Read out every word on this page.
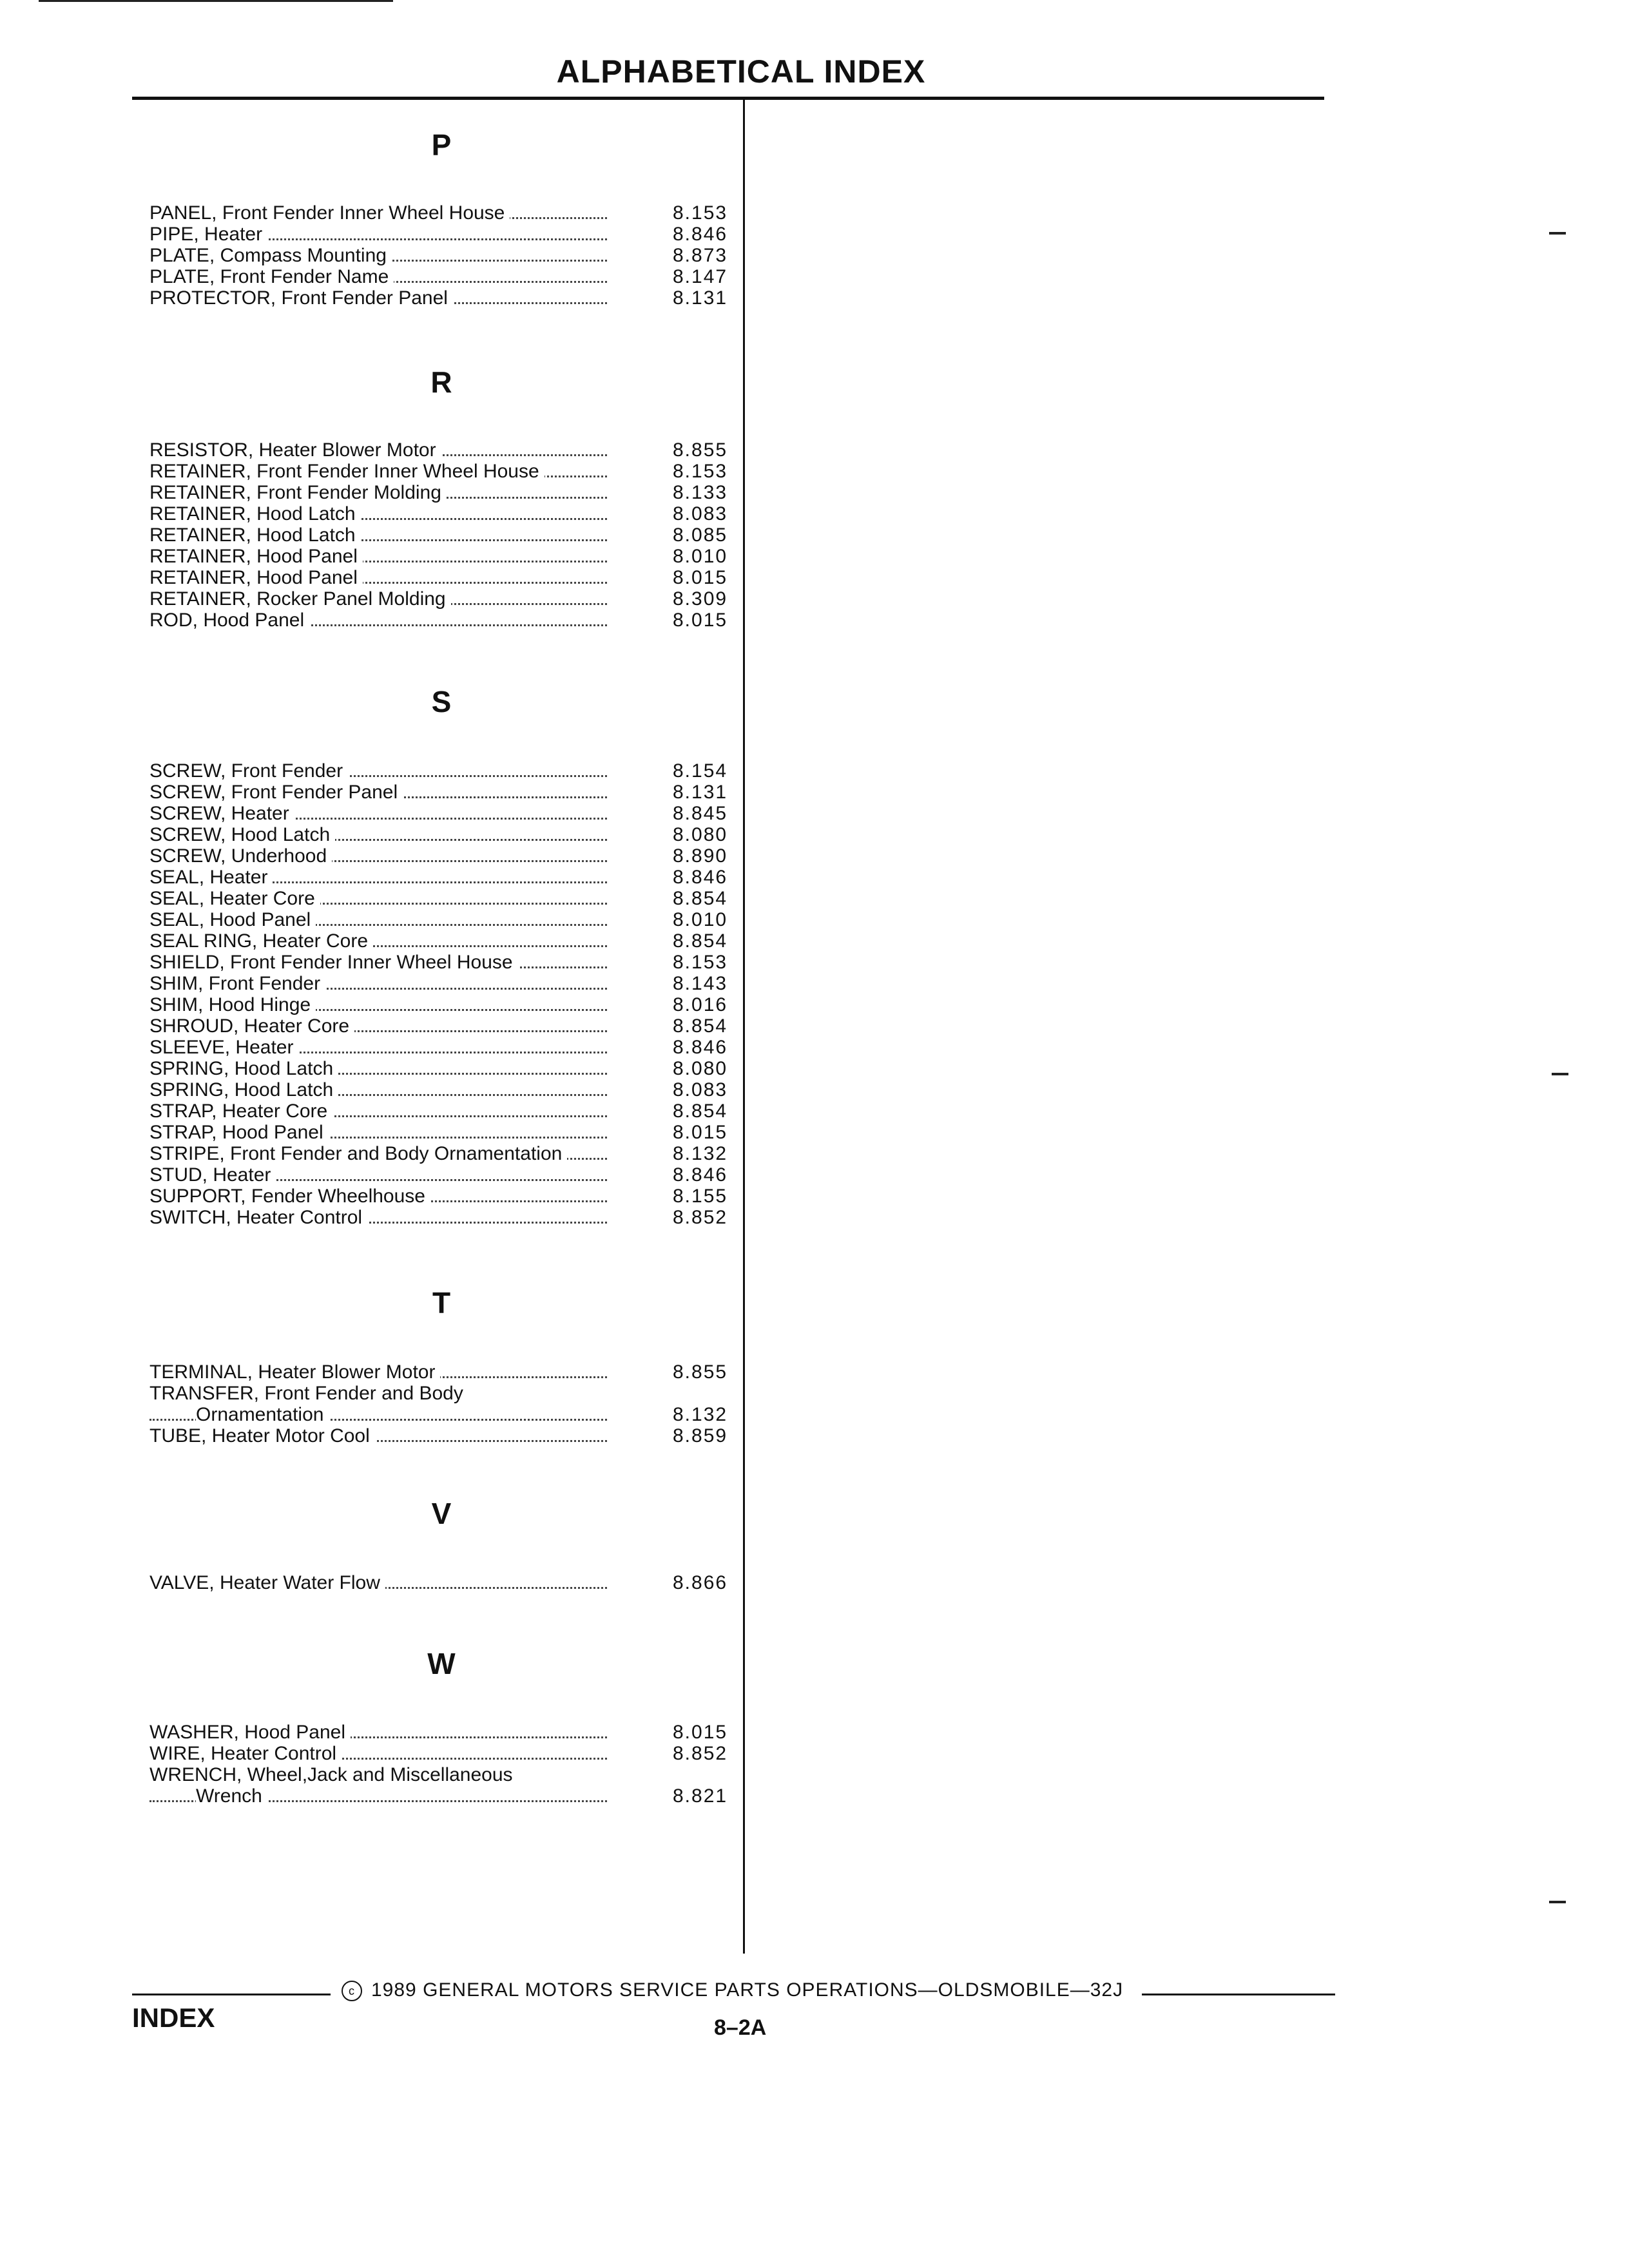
ALPHABETICAL INDEX
P
PANEL, Front Fender Inner Wheel House	8.153
PIPE, Heater	8.846
PLATE, Compass Mounting	8.873
PLATE, Front Fender Name	8.147
PROTECTOR, Front Fender Panel	8.131
R
RESISTOR, Heater Blower Motor	8.855
RETAINER, Front Fender Inner Wheel House	8.153
RETAINER, Front Fender Molding	8.133
RETAINER, Hood Latch	8.083
RETAINER, Hood Latch	8.085
RETAINER, Hood Panel	8.010
RETAINER, Hood Panel	8.015
RETAINER, Rocker Panel Molding	8.309
ROD, Hood Panel	8.015
S
SCREW, Front Fender	8.154
SCREW, Front Fender Panel	8.131
SCREW, Heater	8.845
SCREW, Hood Latch	8.080
SCREW, Underhood	8.890
SEAL, Heater	8.846
SEAL, Heater Core	8.854
SEAL, Hood Panel	8.010
SEAL RING, Heater Core	8.854
SHIELD, Front Fender Inner Wheel House	8.153
SHIM, Front Fender	8.143
SHIM, Hood Hinge	8.016
SHROUD, Heater Core	8.854
SLEEVE, Heater	8.846
SPRING, Hood Latch	8.080
SPRING, Hood Latch	8.083
STRAP, Heater Core	8.854
STRAP, Hood Panel	8.015
STRIPE, Front Fender and Body Ornamentation	8.132
STUD, Heater	8.846
SUPPORT, Fender Wheelhouse	8.155
SWITCH, Heater Control	8.852
T
TERMINAL, Heater Blower Motor	8.855
TRANSFER, Front Fender and Body
Ornamentation	8.132
TUBE, Heater Motor Cool	8.859
V
VALVE, Heater Water Flow	8.866
W
WASHER, Hood Panel	8.015
WIRE, Heater Control	8.852
WRENCH, Wheel,Jack and Miscellaneous
Wrench	8.821
c 1989 GENERAL MOTORS SERVICE PARTS OPERATIONS—OLDSMOBILE—32J
INDEX	8–2A
